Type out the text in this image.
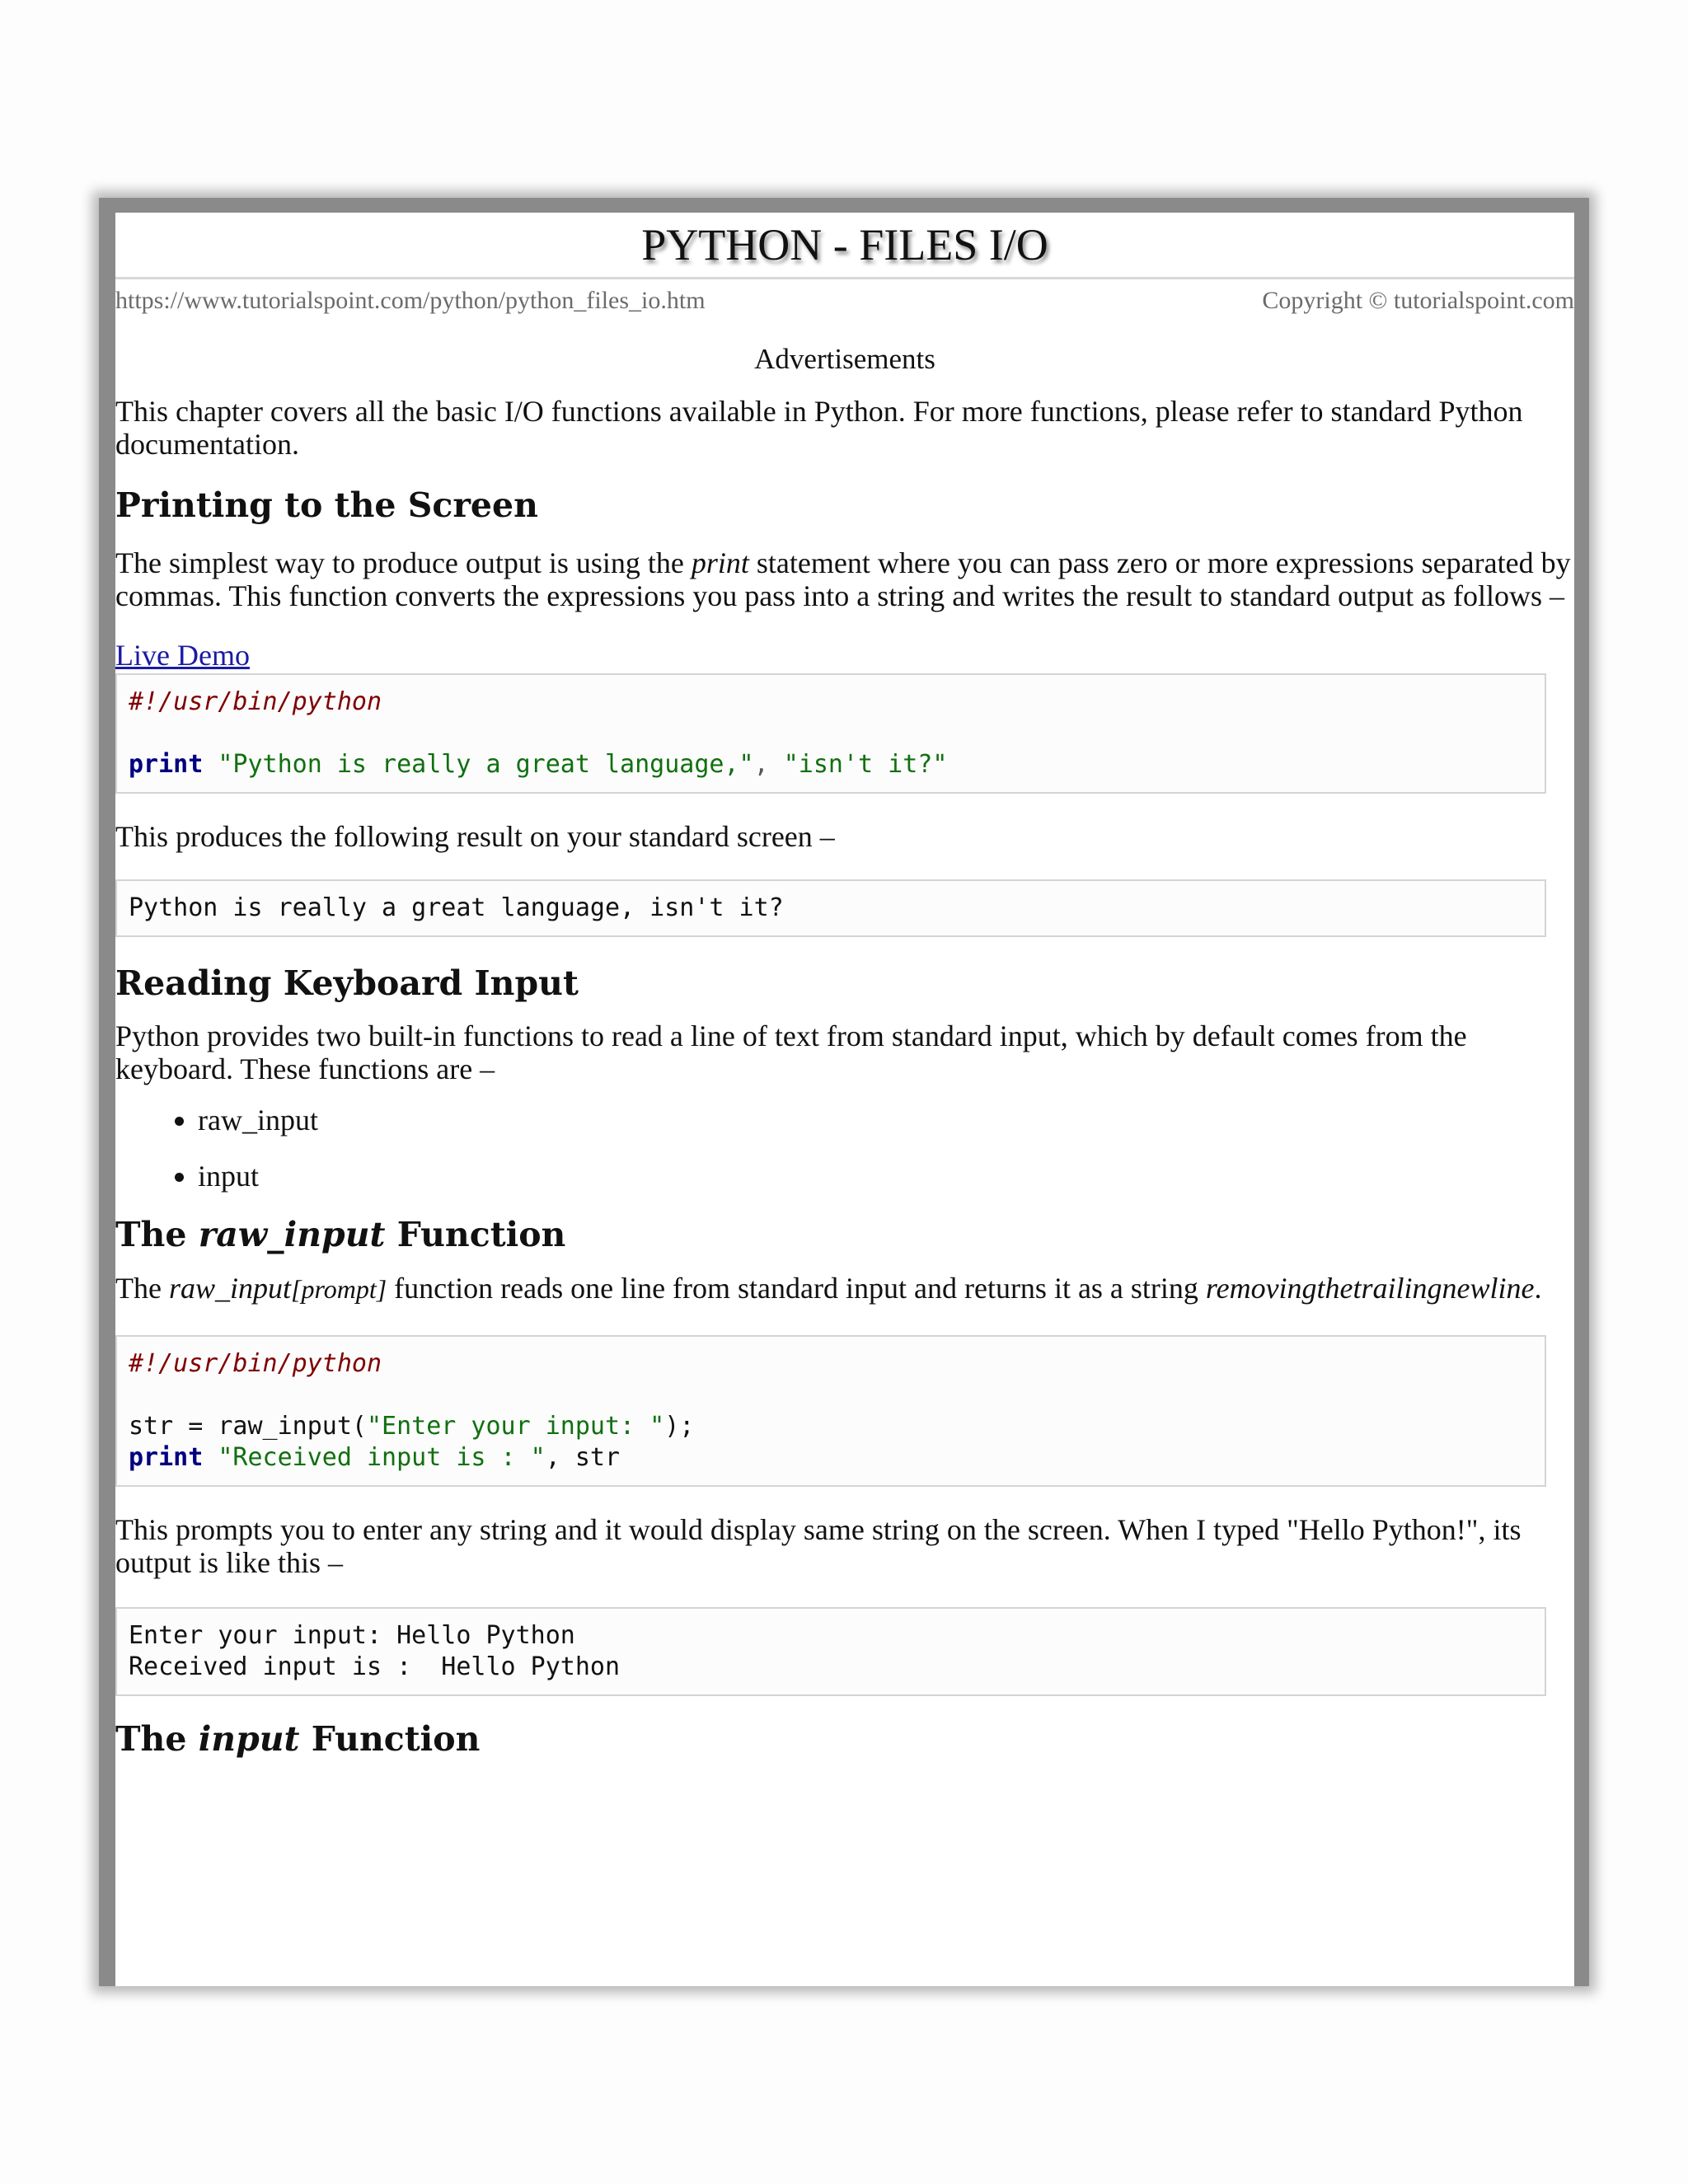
PYTHON - FILES I/O
https://www.tutorialspoint.com/python/python_files_io.htm	Copyright © tutorialspoint.com
Advertisements

This chapter covers all the basic I/O functions available in Python. For more functions, please refer to standard Python documentation.

Printing to the Screen

The simplest way to produce output is using the print statement where you can pass zero or more expressions separated by commas. This function converts the expressions you pass into a string and writes the result to standard output as follows –

Live Demo
#!/usr/bin/python

print "Python is really a great language,", "isn't it?"

This produces the following result on your standard screen –

Python is really a great language, isn't it?
Reading Keyboard Input

Python provides two built-in functions to read a line of text from standard input, which by default comes from the keyboard. These functions are –

• raw_input
• input
The raw_input Function

The raw_input[prompt] function reads one line from standard input and returns it as a string removingthetrailingnewline.

#!/usr/bin/python

str = raw_input("Enter your input: ");
print "Received input is : ", str

This prompts you to enter any string and it would display same string on the screen. When I typed "Hello Python!", its output is like this –

Enter your input: Hello Python
Received input is :  Hello Python
The input Function
